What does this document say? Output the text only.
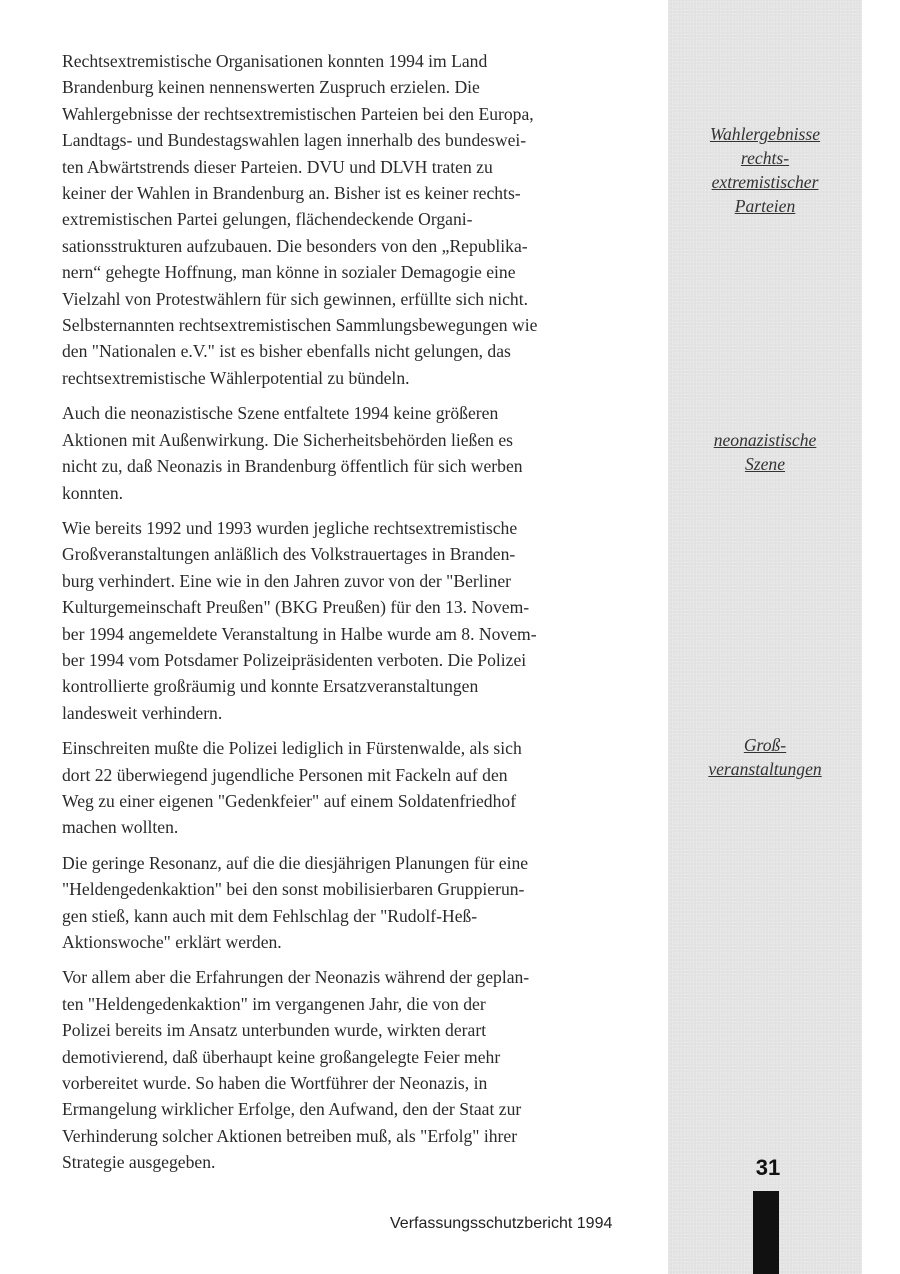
Rechtsextremistische Organisationen konnten 1994 im Land
Brandenburg keinen nennenswerten Zuspruch erzielen. Die
Wahlergebnisse der rechtsextremistischen Parteien bei den Europa,
Landtags- und Bundestagswahlen lagen innerhalb des bundeswei-
ten Abwärtstrends dieser Parteien. DVU und DLVH traten zu
keiner der Wahlen in Brandenburg an. Bisher ist es keiner rechts-
extremistischen Partei gelungen, flächendeckende Organi-
sationsstrukturen aufzubauen. Die besonders von den „Republika-
nern“ gehegte Hoffnung, man könne in sozialer Demagogie eine
Vielzahl von Protestwählern für sich gewinnen, erfüllte sich nicht.
Selbsternannten rechtsextremistischen Sammlungsbewegungen wie
den "Nationalen e.V." ist es bisher ebenfalls nicht gelungen, das
rechtsextremistische Wählerpotential zu bündeln.

Auch die neonazistische Szene entfaltete 1994 keine größeren
Aktionen mit Außenwirkung. Die Sicherheitsbehörden ließen es
nicht zu, daß Neonazis in Brandenburg öffentlich für sich werben
konnten.

Wie bereits 1992 und 1993 wurden jegliche rechtsextremistische
Großveranstaltungen anläßlich des Volkstrauertages in Branden-
burg verhindert. Eine wie in den Jahren zuvor von der "Berliner
Kulturgemeinschaft Preußen" (BKG Preußen) für den 13. Novem-
ber 1994 angemeldete Veranstaltung in Halbe wurde am 8. Novem-
ber 1994 vom Potsdamer Polizeipräsidenten verboten. Die Polizei
kontrollierte großräumig und konnte Ersatzveranstaltungen
landesweit verhindern.

Einschreiten mußte die Polizei lediglich in Fürstenwalde, als sich
dort 22 überwiegend jugendliche Personen mit Fackeln auf den
Weg zu einer eigenen "Gedenkfeier" auf einem Soldatenfriedhof
machen wollten.

Die geringe Resonanz, auf die die diesjährigen Planungen für eine
"Heldengedenkaktion" bei den sonst mobilisierbaren Gruppierun-
gen stieß, kann auch mit dem Fehlschlag der "Rudolf-Heß-
Aktionswoche" erklärt werden.

Vor allem aber die Erfahrungen der Neonazis während der geplan-
ten "Heldengedenkaktion" im vergangenen Jahr, die von der
Polizei bereits im Ansatz unterbunden wurde, wirkten derart
demotivierend, daß überhaupt keine großangelegte Feier mehr
vorbereitet wurde. So haben die Wortführer der Neonazis, in
Ermangelung wirklicher Erfolge, den Aufwand, den der Staat zur
Verhinderung solcher Aktionen betreiben muß, als "Erfolg" ihrer
Strategie ausgegeben.

Wahlergebnisse
rechts-
extremistischer
Parteien
neonazistische
Szene
Groß-
veranstaltungen
31
Verfassungsschutzbericht 1994
